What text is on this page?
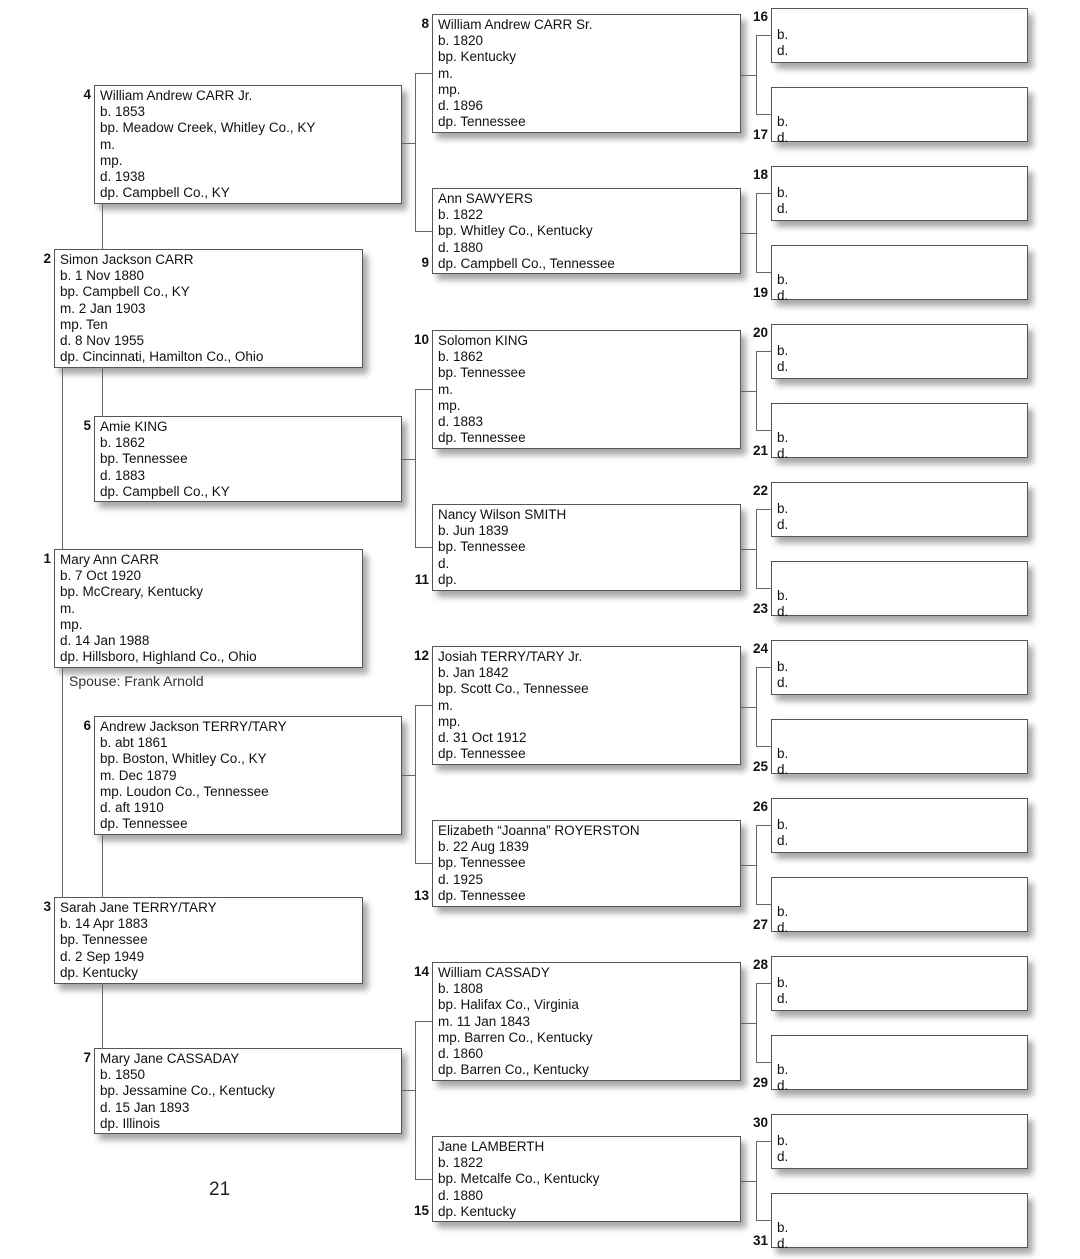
Mary Ann CARR
b. 7 Oct 1920
bp. McCreary, Kentucky
m.
mp.
d. 14 Jan 1988
dp. Hillsboro, Highland Co., Ohio
1
Simon Jackson CARR
b. 1 Nov 1880
bp. Campbell Co., KY
m. 2 Jan 1903
mp. Ten
d. 8 Nov 1955
dp. Cincinnati, Hamilton Co., Ohio
2
Sarah Jane TERRY/TARY
b. 14 Apr 1883
bp. Tennessee
d. 2 Sep 1949
dp. Kentucky
3
William Andrew CARR Jr.
b. 1853
bp. Meadow Creek, Whitley Co., KY
m.
mp.
d. 1938
dp. Campbell Co., KY
4
Amie KING
b. 1862
bp. Tennessee
d. 1883
dp. Campbell Co., KY
5
Andrew Jackson TERRY/TARY
b. abt 1861
bp. Boston, Whitley Co., KY
m. Dec 1879
mp. Loudon Co., Tennessee
d. aft 1910
dp. Tennessee
6
Mary Jane CASSADAY
b. 1850
bp. Jessamine Co., Kentucky
d. 15 Jan 1893
dp. Illinois
7
William Andrew CARR Sr.
b. 1820
bp. Kentucky
m.
mp.
d. 1896
dp. Tennessee
8
Ann SAWYERS
b. 1822
bp. Whitley Co., Kentucky
d. 1880
dp. Campbell Co., Tennessee
9
Solomon KING
b. 1862
bp. Tennessee
m.
mp.
d. 1883
dp. Tennessee
10
Nancy Wilson SMITH
b. Jun 1839
bp. Tennessee
d.
dp.
11
Josiah TERRY/TARY Jr.
b. Jan 1842
bp. Scott Co., Tennessee
m.
mp.
d. 31 Oct 1912
dp. Tennessee
12
Elizabeth “Joanna” ROYERSTON
b. 22 Aug 1839
bp. Tennessee
d. 1925
dp. Tennessee
13
William CASSADY
b. 1808
bp. Halifax Co., Virginia
m. 11 Jan 1843
mp. Barren Co., Kentucky
d. 1860
dp. Barren Co., Kentucky
14
Jane LAMBERTH
b. 1822
bp. Metcalfe Co., Kentucky
d. 1880
dp. Kentucky
15
b.
d.
16
b.
d.
17
b.
d.
18
b.
d.
19
b.
d.
20
b.
d.
21
b.
d.
22
b.
d.
23
b.
d.
24
b.
d.
25
b.
d.
26
b.
d.
27
b.
d.
28
b.
d.
29
b.
d.
30
b.
d.
31
Spouse: Frank Arnold
21
